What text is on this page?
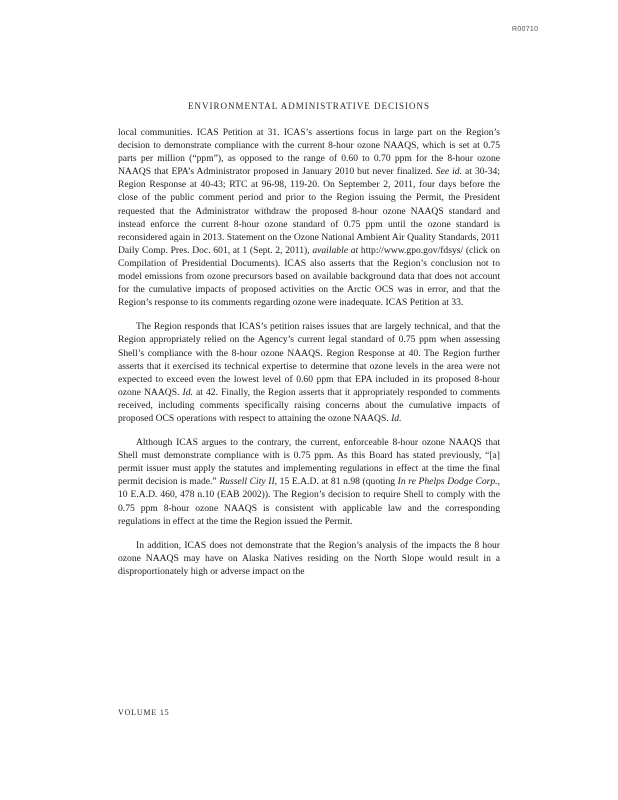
R00710
ENVIRONMENTAL ADMINISTRATIVE DECISIONS

local communities. ICAS Petition at 31. ICAS’s assertions focus in large part on the Region’s decision to demonstrate compliance with the current 8-hour ozone NAAQS, which is set at 0.75 parts per million (“ppm”), as opposed to the range of 0.60 to 0.70 ppm for the 8-hour ozone NAAQS that EPA’s Administrator proposed in January 2010 but never finalized. See id. at 30-34; Region Response at 40-43; RTC at 96-98, 119-20. On September 2, 2011, four days before the close of the public comment period and prior to the Region issuing the Permit, the President requested that the Administrator withdraw the proposed 8-hour ozone NAAQS standard and instead enforce the current 8-hour ozone standard of 0.75 ppm until the ozone standard is reconsidered again in 2013. Statement on the Ozone National Ambient Air Quality Standards, 2011 Daily Comp. Pres. Doc. 601, at 1 (Sept. 2, 2011), available at http://www.gpo.gov/fdsys/ (click on Compilation of Presidential Documents). ICAS also asserts that the Region’s conclusion not to model emissions from ozone precursors based on available background data that does not account for the cumulative impacts of proposed activities on the Arctic OCS was in error, and that the Region’s response to its comments regarding ozone were inadequate. ICAS Petition at 33.

The Region responds that ICAS’s petition raises issues that are largely technical, and that the Region appropriately relied on the Agency’s current legal standard of 0.75 ppm when assessing Shell’s compliance with the 8-hour ozone NAAQS. Region Response at 40. The Region further asserts that it exercised its technical expertise to determine that ozone levels in the area were not expected to exceed even the lowest level of 0.60 ppm that EPA included in its proposed 8-hour ozone NAAQS. Id. at 42. Finally, the Region asserts that it appropriately responded to comments received, including comments specifically raising concerns about the cumulative impacts of proposed OCS operations with respect to attaining the ozone NAAQS. Id.

Although ICAS argues to the contrary, the current, enforceable 8-hour ozone NAAQS that Shell must demonstrate compliance with is 0.75 ppm. As this Board has stated previously, “[a] permit issuer must apply the statutes and implementing regulations in effect at the time the final permit decision is made.” Russell City II, 15 E.A.D. at 81 n.98 (quoting In re Phelps Dodge Corp., 10 E.A.D. 460, 478 n.10 (EAB 2002)). The Region’s decision to require Shell to comply with the 0.75 ppm 8-hour ozone NAAQS is consistent with applicable law and the corresponding regulations in effect at the time the Region issued the Permit.

In addition, ICAS does not demonstrate that the Region’s analysis of the impacts the 8 hour ozone NAAQS may have on Alaska Natives residing on the North Slope would result in a disproportionately high or adverse impact on the

VOLUME 15
